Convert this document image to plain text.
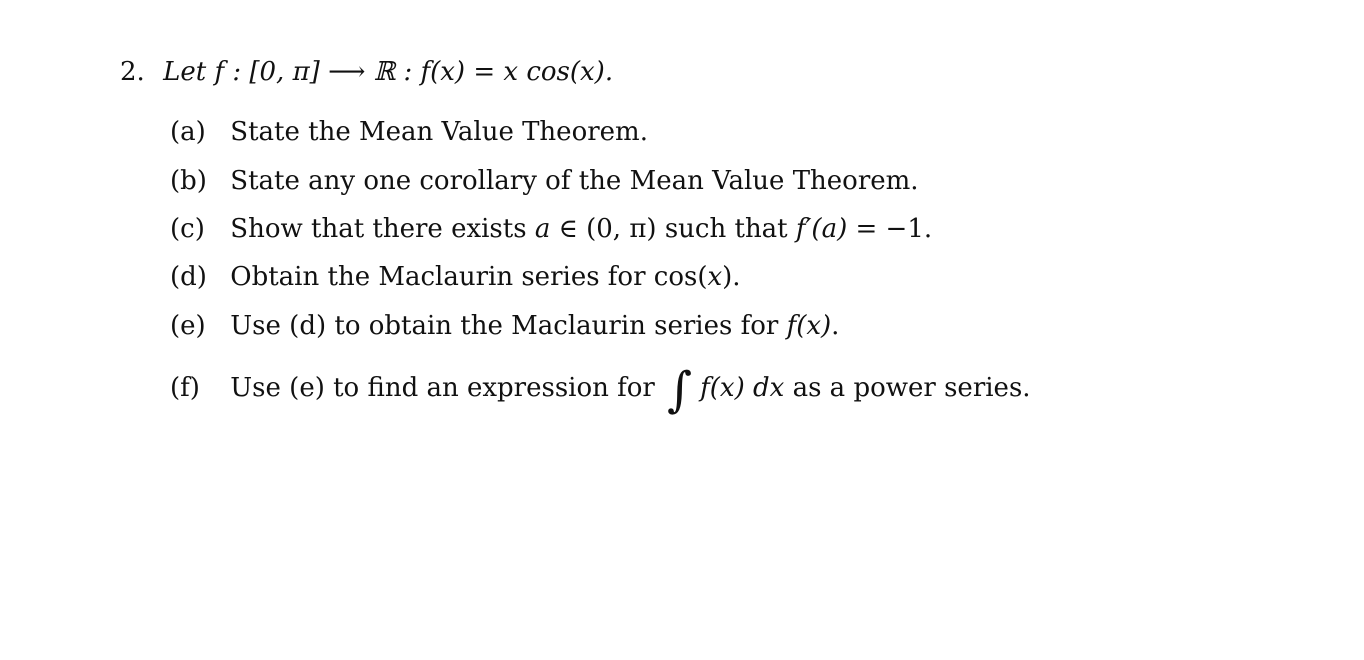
2. Let f : [0, π] ⟶ ℝ : f(x) = x cos(x).
(a) State the Mean Value Theorem.
(b) State any one corollary of the Mean Value Theorem.
(c) Show that there exists a ∈ (0, π) such that f′(a) = −1.
(d) Obtain the Maclaurin series for cos(x).
(e) Use (d) to obtain the Maclaurin series for f(x).
(f) Use (e) to find an expression for ∫ f(x) dx as a power series.
